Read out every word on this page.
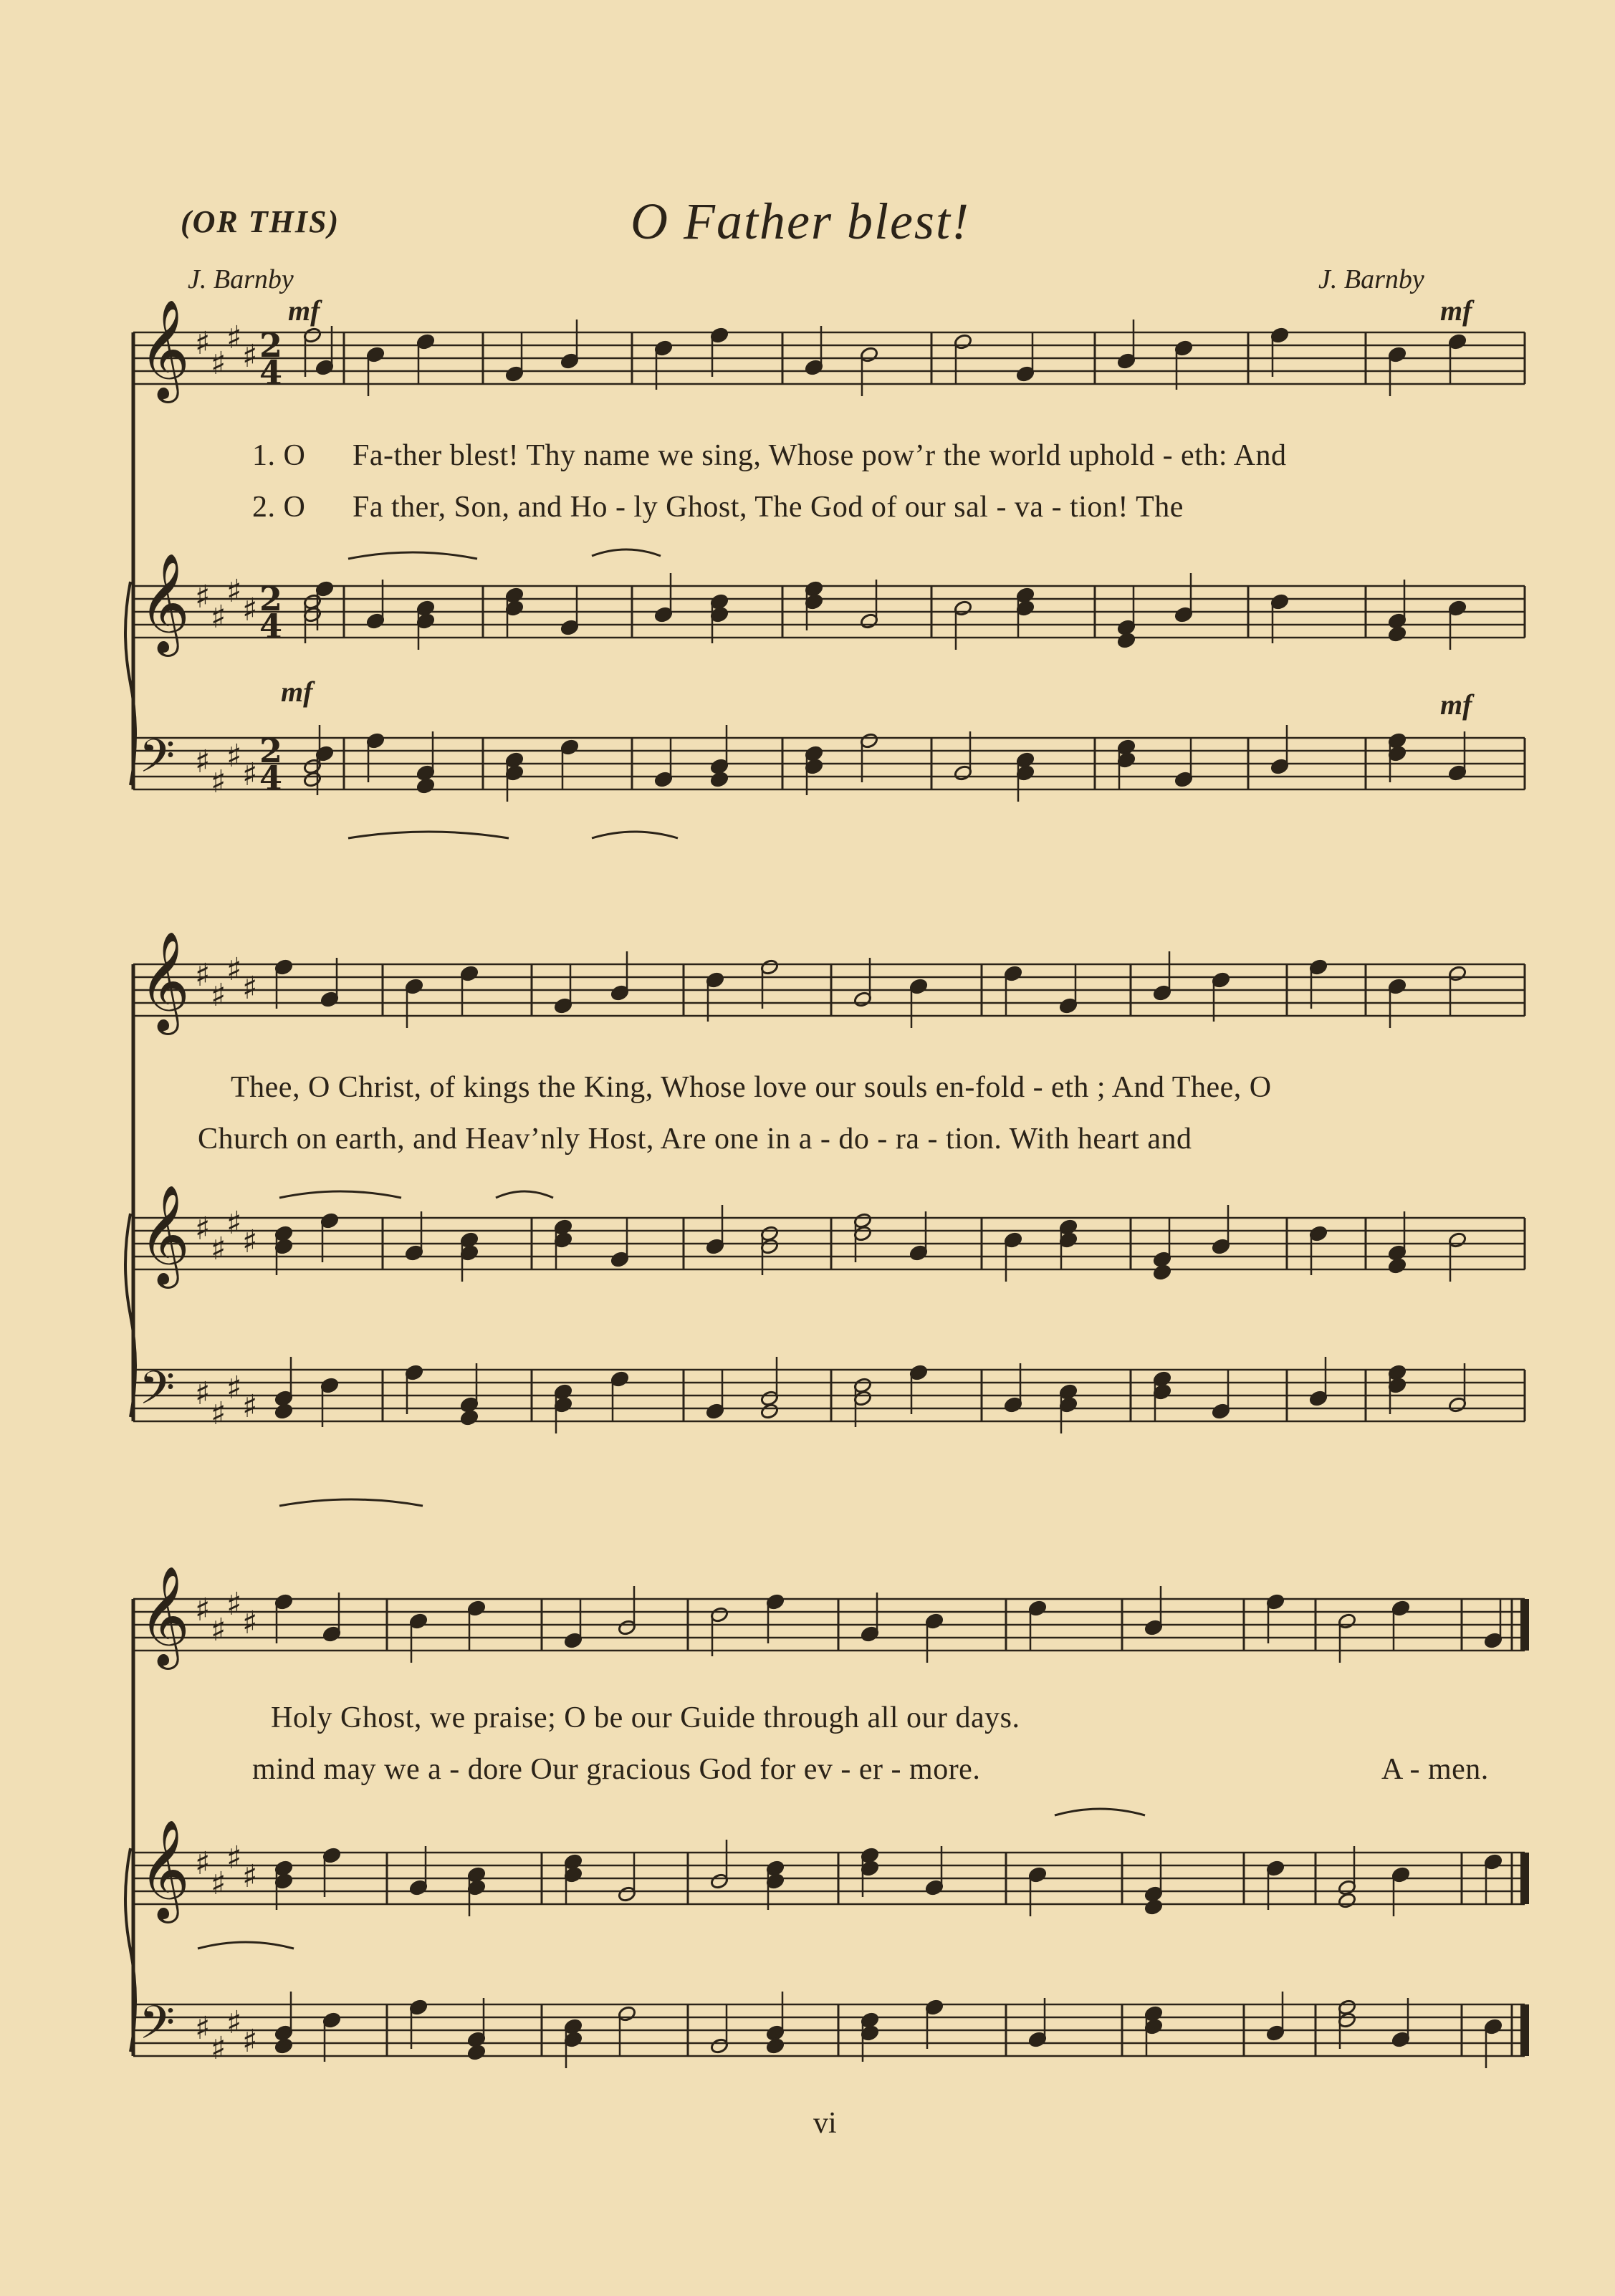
(OR THIS)	O Father blest!
J. Barnby	J. Barnby
mf	mf
mf	mf
𝄞 ♯
♯
♯
♯ 2
4
𝄞 ♯
♯
♯
♯ 2
4
𝄢 ♯
♯
♯
♯
2
4
𝄞 ♯
♯
♯
♯
𝄞 ♯
♯
♯
♯
𝄢 ♯
♯
♯
♯
𝄞 ♯
♯
♯
♯
𝄞 ♯
♯
♯
♯
𝄢 ♯
♯
♯
♯
1. O Fa-ther blest! Thy name we sing, Whose pow’r the world uphold - eth: And
2. O Fa ther, Son, and Ho - ly Ghost, The God of our sal - va - tion! The
Thee, O Christ, of kings the King, Whose love our souls en-fold - eth ; And Thee, O
Church on earth, and Heav’nly Host, Are one in a - do - ra - tion. With heart and
Holy Ghost, we praise; O be our Guide through all our days.
mind may we a - dore Our gracious God for ev - er - more.	A - men.
vi
